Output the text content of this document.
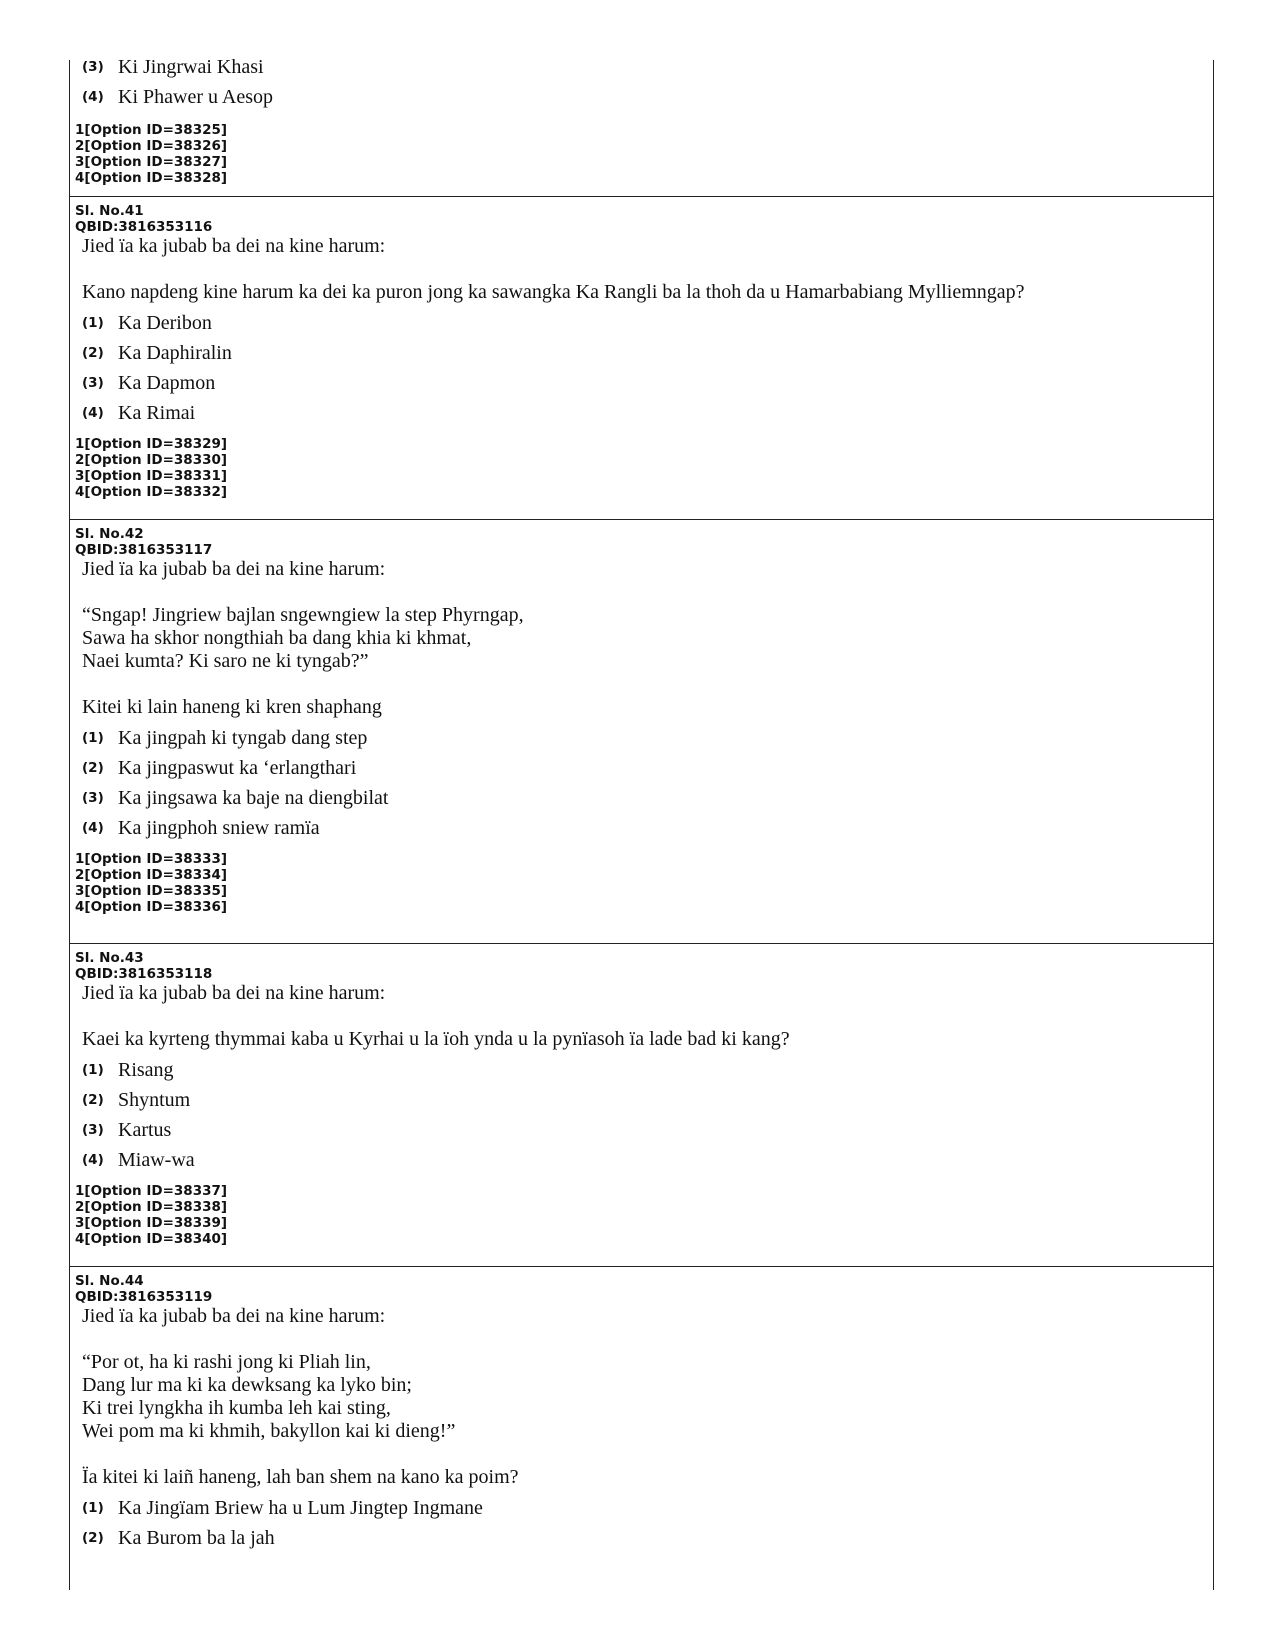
(3) Ki Jingrwai Khasi
(4) Ki Phawer u Aesop
1[Option ID=38325]
2[Option ID=38326]
3[Option ID=38327]
4[Option ID=38328]
Sl. No.41
QBID:3816353116
Jied ïa ka jubab ba dei na kine harum:
Kano napdeng kine harum ka dei ka puron jong ka sawangka Ka Rangli ba la thoh da u Hamarbabiang Mylliemngap?
(1) Ka Deribon
(2) Ka Daphiralin
(3) Ka Dapmon
(4) Ka Rimai
1[Option ID=38329]
2[Option ID=38330]
3[Option ID=38331]
4[Option ID=38332]
Sl. No.42
QBID:3816353117
Jied ïa ka jubab ba dei na kine harum:
“Sngap! Jingriew bajlan sngewngiew la step Phyrngap,
Sawa ha skhor nongthiah ba dang khia ki khmat,
Naei kumta? Ki saro ne ki tyngab?”
Kitei ki lain haneng ki kren shaphang
(1) Ka jingpah ki tyngab dang step
(2) Ka jingpaswut ka ‘erlangthari
(3) Ka jingsawa ka baje na diengbilat
(4) Ka jingphoh sniew ramïa
1[Option ID=38333]
2[Option ID=38334]
3[Option ID=38335]
4[Option ID=38336]
Sl. No.43
QBID:3816353118
Jied ïa ka jubab ba dei na kine harum:
Kaei ka kyrteng thymmai kaba u Kyrhai u la ïoh ynda u la pynïasoh ïa lade bad ki kang?
(1) Risang
(2) Shyntum
(3) Kartus
(4) Miaw-wa
1[Option ID=38337]
2[Option ID=38338]
3[Option ID=38339]
4[Option ID=38340]
Sl. No.44
QBID:3816353119
Jied ïa ka jubab ba dei na kine harum:
“Por ot, ha ki rashi jong ki Pliah lin,
Dang lur ma ki ka dewksang ka lyko bin;
Ki trei lyngkha ih kumba leh kai sting,
Wei pom ma ki khmih, bakyllon kai ki dieng!”
Ïa kitei ki laiñ haneng, lah ban shem na kano ka poim?
(1) Ka Jingïam Briew ha u Lum Jingtep Ingmane
(2) Ka Burom ba la jah
